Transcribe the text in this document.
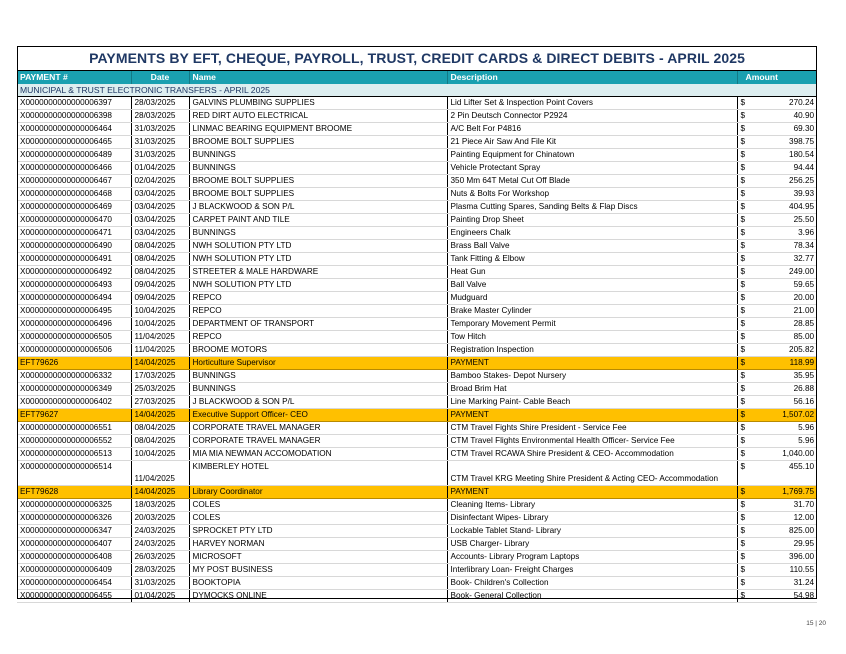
PAYMENTS BY EFT, CHEQUE, PAYROLL, TRUST, CREDIT CARDS & DIRECT DEBITS - APRIL 2025					
PAYMENT #	Date	Name	Description	Amount	
MUNICIPAL & TRUST ELECTRONIC TRANSFERS - APRIL 2025					
X0000000000000006397	28/03/2025	GALVINS PLUMBING SUPPLIES	Lid Lifter Set & Inspection Point Covers	$	270.24
X0000000000000006398	28/03/2025	RED DIRT AUTO ELECTRICAL	2 Pin Deutsch Connector P2924	$	40.90
X0000000000000006464	31/03/2025	LINMAC BEARING EQUIPMENT BROOME	A/C Belt For P4816	$	69.30
X0000000000000006465	31/03/2025	BROOME BOLT SUPPLIES	21 Piece Air Saw And File Kit	$	398.75
X0000000000000006489	31/03/2025	BUNNINGS	Painting Equipment for Chinatown	$	180.54
X0000000000000006466	01/04/2025	BUNNINGS	Vehicle Protectant Spray	$	94.44
X0000000000000006467	02/04/2025	BROOME BOLT SUPPLIES	350 Mm 64T Metal Cut Off Blade	$	256.25
X0000000000000006468	03/04/2025	BROOME BOLT SUPPLIES	Nuts & Bolts For Workshop	$	39.93
X0000000000000006469	03/04/2025	J BLACKWOOD & SON P/L	Plasma Cutting Spares, Sanding Belts & Flap Discs	$	404.95
X0000000000000006470	03/04/2025	CARPET PAINT AND TILE	Painting Drop Sheet	$	25.50
X0000000000000006471	03/04/2025	BUNNINGS	Engineers Chalk	$	3.96
X0000000000000006490	08/04/2025	NWH SOLUTION PTY LTD	Brass Ball Valve	$	78.34
X0000000000000006491	08/04/2025	NWH SOLUTION PTY LTD	Tank Fitting & Elbow	$	32.77
X0000000000000006492	08/04/2025	STREETER & MALE HARDWARE	Heat Gun	$	249.00
X0000000000000006493	09/04/2025	NWH SOLUTION PTY LTD	Ball Valve	$	59.65
X0000000000000006494	09/04/2025	REPCO	Mudguard	$	20.00
X0000000000000006495	10/04/2025	REPCO	Brake Master Cylinder	$	21.00
X0000000000000006496	10/04/2025	DEPARTMENT OF TRANSPORT	Temporary Movement Permit	$	28.85
X0000000000000006505	11/04/2025	REPCO	Tow Hitch	$	85.00
X0000000000000006506	11/04/2025	BROOME MOTORS	Registration Inspection	$	205.82
EFT79626	14/04/2025	Horticulture Supervisor	PAYMENT	$	118.99
X0000000000000006332	17/03/2025	BUNNINGS	Bamboo Stakes- Depot Nursery	$	35.95
X0000000000000006349	25/03/2025	BUNNINGS	Broad Brim Hat	$	26.88
X0000000000000006402	27/03/2025	J BLACKWOOD & SON P/L	Line Marking Paint- Cable Beach	$	56.16
EFT79627	14/04/2025	Executive Support Officer- CEO	PAYMENT	$	1,507.02
X0000000000000006551	08/04/2025	CORPORATE TRAVEL MANAGER	CTM Travel Fights Shire President - Service Fee	$	5.96
X0000000000000006552	08/04/2025	CORPORATE TRAVEL MANAGER	CTM Travel Flights Environmental Health Officer- Service Fee	$	5.96
X0000000000000006513	10/04/2025	MIA MIA NEWMAN ACCOMODATION	CTM Travel RCAWA Shire President & CEO- Accommodation	$	1,040.00
X0000000000000006514	11/04/2025	KIMBERLEY HOTEL	CTM Travel KRG Meeting Shire President & Acting CEO- Accommodation	$	455.10
EFT79628	14/04/2025	Library Coordinator	PAYMENT	$	1,769.75
X0000000000000006325	18/03/2025	COLES	Cleaning Items- Library	$	31.70
X0000000000000006326	20/03/2025	COLES	Disinfectant Wipes- Library	$	12.00
X0000000000000006347	24/03/2025	SPROCKET PTY LTD	Lockable Tablet Stand- Library	$	825.00
X0000000000000006407	24/03/2025	HARVEY NORMAN	USB Charger- Library	$	29.95
X0000000000000006408	26/03/2025	MICROSOFT	Accounts- Library Program Laptops	$	396.00
X0000000000000006409	28/03/2025	MY POST BUSINESS	Interlibrary Loan- Freight Charges	$	110.55
X0000000000000006454	31/03/2025	BOOKTOPIA	Book- Children's Collection	$	31.24
X0000000000000006455	01/04/2025	DYMOCKS ONLINE	Book- General Collection	$	54.98
15 | 20
